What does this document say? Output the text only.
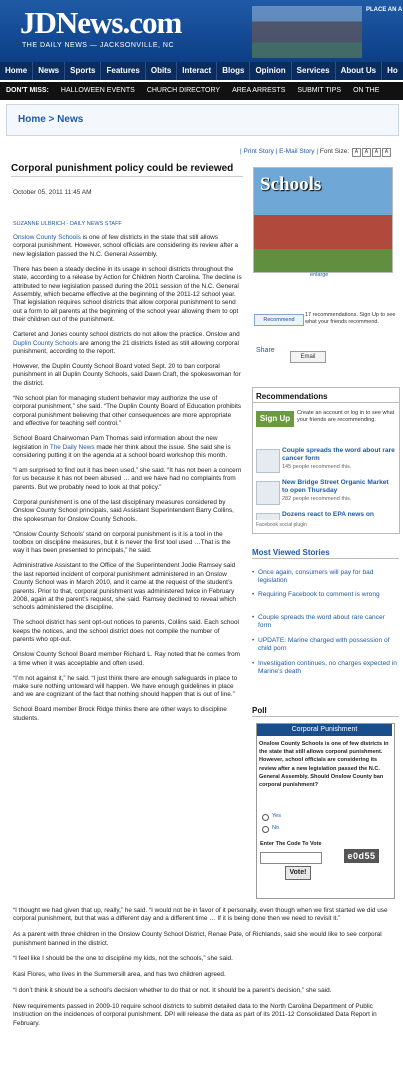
JDNews.com
THE DAILY NEWS — JACKSONVILLE, NC
PLACE AN A
Home	News	Sports	Features	Obits	Interact	Blogs	Opinion	Services	About Us	Ho
DON'T MISS:	HALLOWEEN EVENTS	CHURCH DIRECTORY	AREA ARRESTS	SUBMIT TIPS	ON THE
Home > News
| Print Story | E-Mail Story | Font Size: A A A A
Corporal punishment policy could be reviewed
October 05, 2011 11:45 AM
SUZANNE ULBRICH - DAILY NEWS STAFF

Onslow County Schools is one of few districts in the state that still allows corporal punishment. However, school officials are considering its review after a new legislation passed the N.C. General Assembly.

There has been a steady decline in its usage in school districts throughout the state, according to a release by Action for Children North Carolina. The decline is attributed to new legislation passed during the 2011 session of the N.C. General Assembly, which became effective at the beginning of the 2011-12 school year. That legislation requires school districts that allow corporal punishment to send out a form to all parents at the beginning of the school year allowing them to opt their children out of the punishment.

Carteret and Jones county school districts do not allow the practice. Onslow and Duplin County Schools are among the 21 districts listed as still allowing corporal punishment, according to the report.

However, the Duplin County School Board voted Sept. 20 to ban corporal punishment in all Duplin County Schools, said Dawn Craft, the spokeswoman for the district.

“No school plan for managing student behavior may authorize the use of corporal punishment,” she said. “The Duplin County Board of Education prohibits corporal punishment believing that other consequences are more appropriate and effective for teaching self control.”

School Board Chairwoman Pam Thomas said information about the new legislation in The Daily News made her think about the issue. She said she is considering putting it on the agenda at a school board workshop this month.

“I am surprised to find out it has been used,” she said. “It has not been a concern for us because it has not been abused … and we have had no complaints from parents. But we probably need to look at that policy.”

Corporal punishment is one of the last disciplinary measures considered by Onslow County School principals, said Assistant Superintendent Barry Collins, the spokesman for Onslow County Schools.

“Onslow County Schools’ stand on corporal punishment is it is a tool in the toolbox on discipline measures, but it is never the first tool used …That is the way it has been presented to principals,” he said.

Administrative Assistant to the Office of the Superintendent Jodie Ramsey said the last reported incident of corporal punishment administered in an Onslow County School was in March 2010, and it came at the request of the student’s parents. Prior to that, corporal punishment was administered twice in February 2008, again at the parent’s request, she said. Ramsey declined to reveal which schools administered the discipline.

The school district has sent opt-out notices to parents, Collins said. Each school keeps the notices, and the school district does not compile the number of parents who opt-out.

Onslow County School Board member Richard L. Ray noted that he comes from a time when it was acceptable and often used.

“I’m not against it,” he said. “I just think there are enough safeguards in place to make sure nothing untoward will happen. We have enough guidelines in place and we are cognizant of the fact that nothing should happen that is out of line.”

School Board member Brock Ridge thinks there are other ways to discipline students.

“I thought we had given that up, really,” he said. “I would not be in favor of it personally, even though when we first started we did use corporal punishment, but that was a different day and a different time … If it is being done then we need to revisit it.”

As a parent with three children in the Onslow County School District, Renae Pate, of Richlands, said she would like to see corporal punishment banned in the district.

“I feel like I should be the one to discipline my kids, not the schools,” she said.

Kasi Flores, who lives in the Summersill area, and has two children agreed.

“I don’t think it should be a school’s decision whether to do that or not. It should be a parent’s decision,” she said.

New requirements passed in 2009-10 require school districts to submit detailed data to the North Carolina Department of Public Instruction on the incidences of corporal punishment. DPI will release the data as part of its 2011-12 Consolidated Data Report in February.

Schools
enlarge
Recommend
17 recommendations. Sign Up to see what your friends recommend.
Share
Email
Recommendations
Sign Up
Create an account or log in to see what your friends are recommending.
Couple spreads the word about rare cancer form
145 people recommend this.
New Bridge Street Organic Market to open Thursday
282 people recommend this.
Dozens react to EPA news on
Facebook social plugin
Most Viewed Stories
• Once again, consumers will pay for bad legislation
• Requiring Facebook to comment is wrong
• Couple spreads the word about rare cancer form
• UPDATE: Marine charged with possession of child porn
• Investigation continues, no charges expected in Marine's death
Poll
Corporal Punishment
Onslow County Schools is one of few districts in the state that still allows corporal punishment. However, school officials are considering its review after a new legislation passed the N.C. General Assembly. Should Onslow County ban corporal punishment?
Yes
No
Enter The Code To Vote
e0d55
Vote!
